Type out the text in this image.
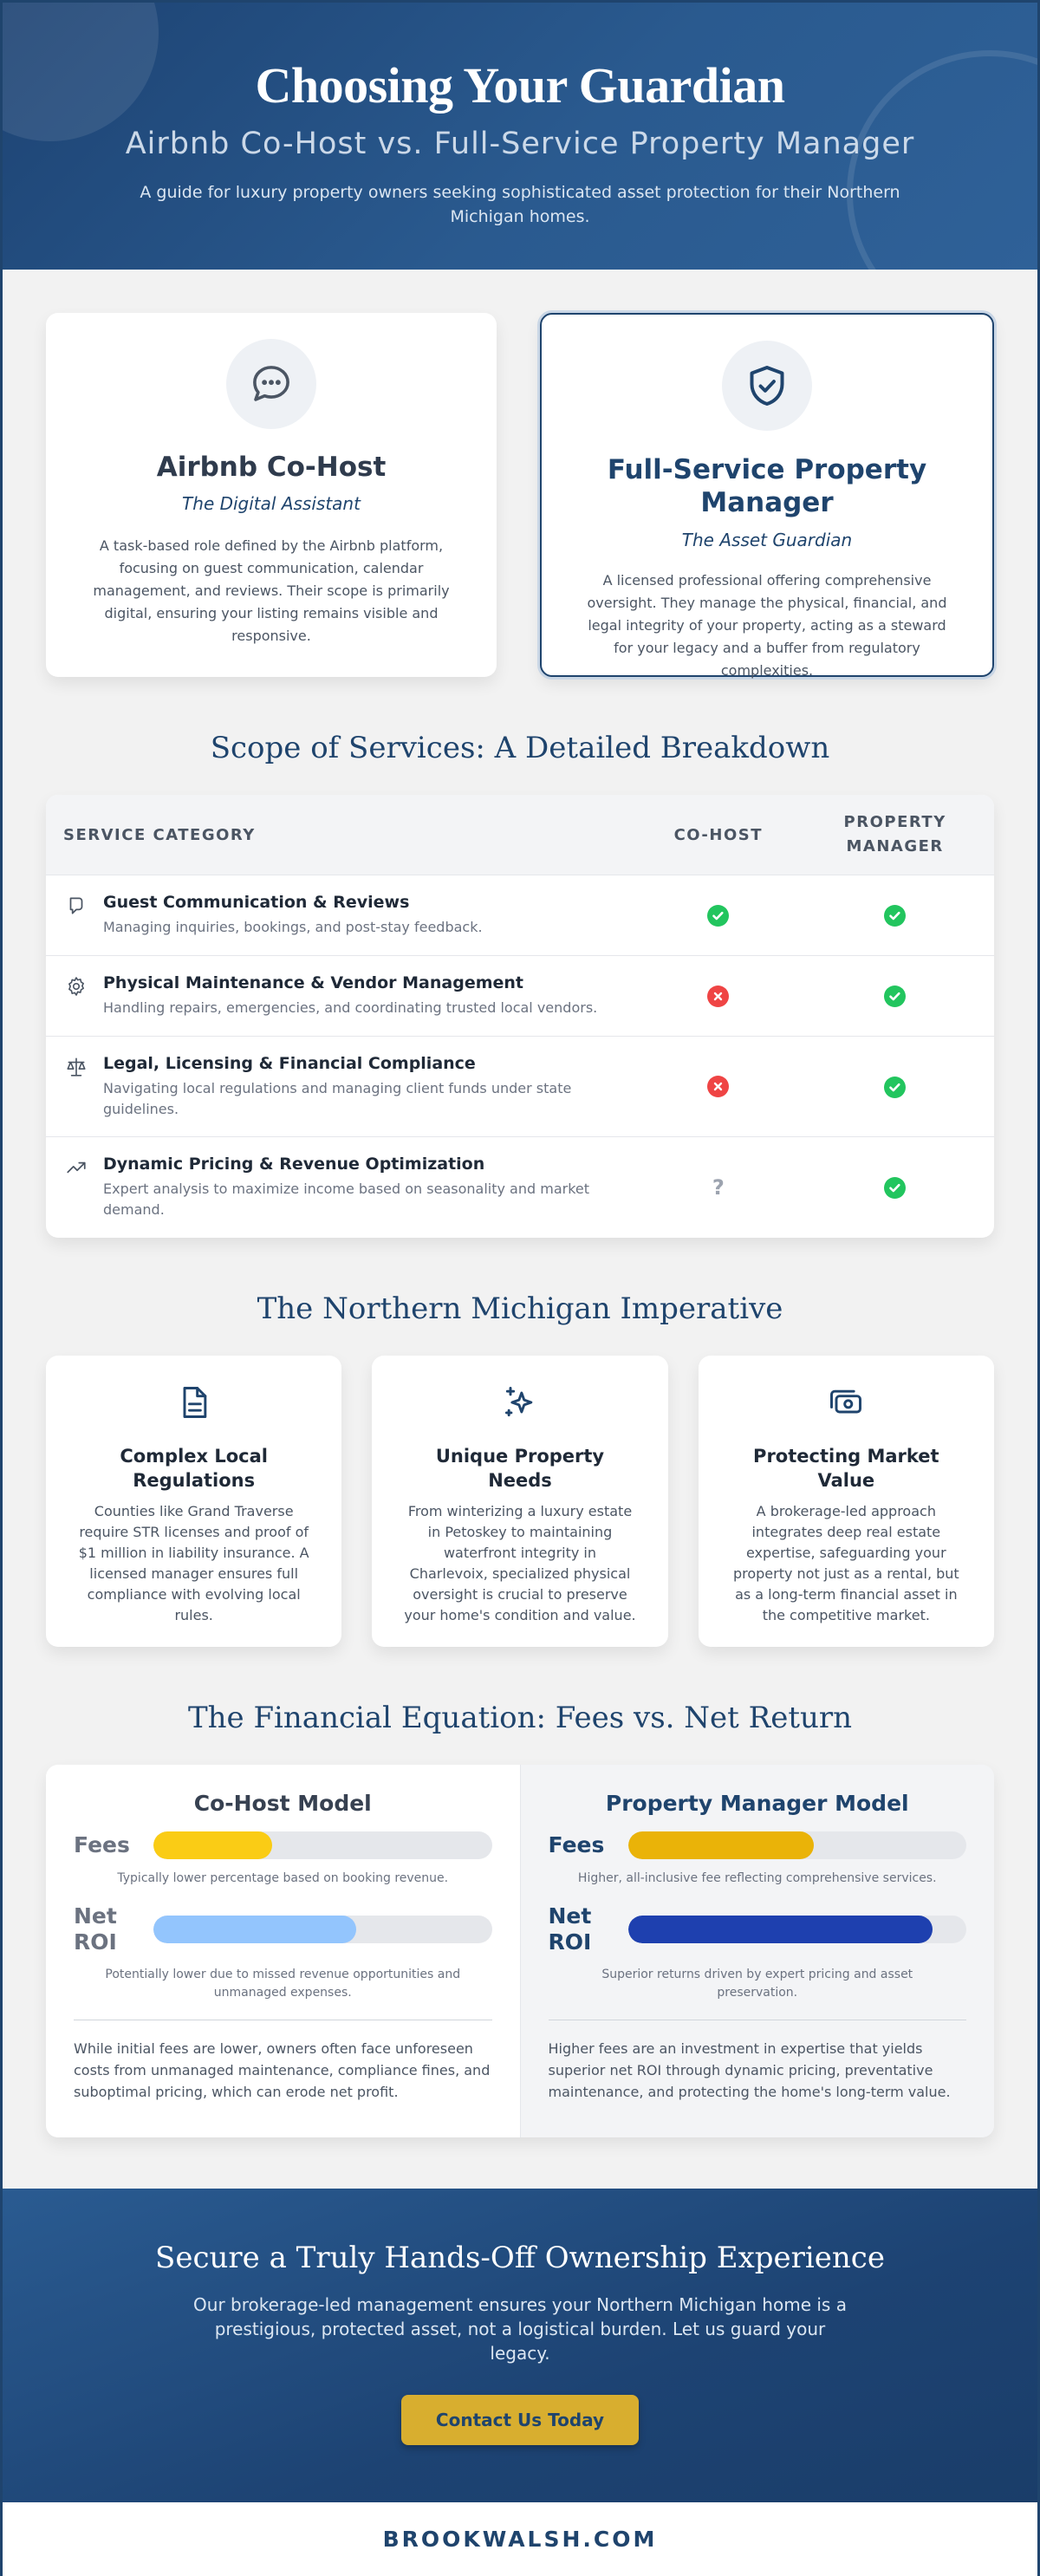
Choosing Your Guardian
Airbnb Co-Host vs. Full-Service Property Manager

A guide for luxury property owners seeking sophisticated asset protection for their Northern Michigan homes.

Airbnb Co-Host
The Digital Assistant

A task-based role defined by the Airbnb platform, focusing on guest communication, calendar management, and reviews. Their scope is primarily digital, ensuring your listing remains visible and responsive.

Full-Service Property Manager
The Asset Guardian

A licensed professional offering comprehensive oversight. They manage the physical, financial, and legal integrity of your property, acting as a steward for your legacy and a buffer from regulatory complexities.

Scope of Services: A Detailed Breakdown
SERVICE CATEGORY	CO-HOST
PROPERTY MANAGER
Guest Communication & Reviews
Managing inquiries, bookings, and post-stay feedback.
Physical Maintenance & Vendor Management
Handling repairs, emergencies, and coordinating trusted local vendors.
Legal, Licensing & Financial Compliance
Navigating local regulations and managing client funds under state guidelines.
Dynamic Pricing & Revenue Optimization
Expert analysis to maximize income based on seasonality and market demand.
?
The Northern Michigan Imperative
Complex Local Regulations

Counties like Grand Traverse require STR licenses and proof of $1 million in liability insurance. A licensed manager ensures full compliance with evolving local rules.

Unique Property Needs

From winterizing a luxury estate in Petoskey to maintaining waterfront integrity in Charlevoix, specialized physical oversight is crucial to preserve your home's condition and value.

Protecting Market Value

A brokerage-led approach integrates deep real estate expertise, safeguarding your property not just as a rental, but as a long-term financial asset in the competitive market.

The Financial Equation: Fees vs. Net Return
Co-Host Model
Fees
Typically lower percentage based on booking revenue.
Net ROI
Potentially lower due to missed revenue opportunities and unmanaged expenses.

While initial fees are lower, owners often face unforeseen costs from unmanaged maintenance, compliance fines, and suboptimal pricing, which can erode net profit.

Property Manager Model
Fees
Higher, all-inclusive fee reflecting comprehensive services.
Net ROI
Superior returns driven by expert pricing and asset preservation.

Higher fees are an investment in expertise that yields superior net ROI through dynamic pricing, preventative maintenance, and protecting the home's long-term value.

Secure a Truly Hands-Off Ownership Experience

Our brokerage-led management ensures your Northern Michigan home is a prestigious, protected asset, not a logistical burden. Let us guard your legacy.

Contact Us Today
BROOKWALSH.COM
